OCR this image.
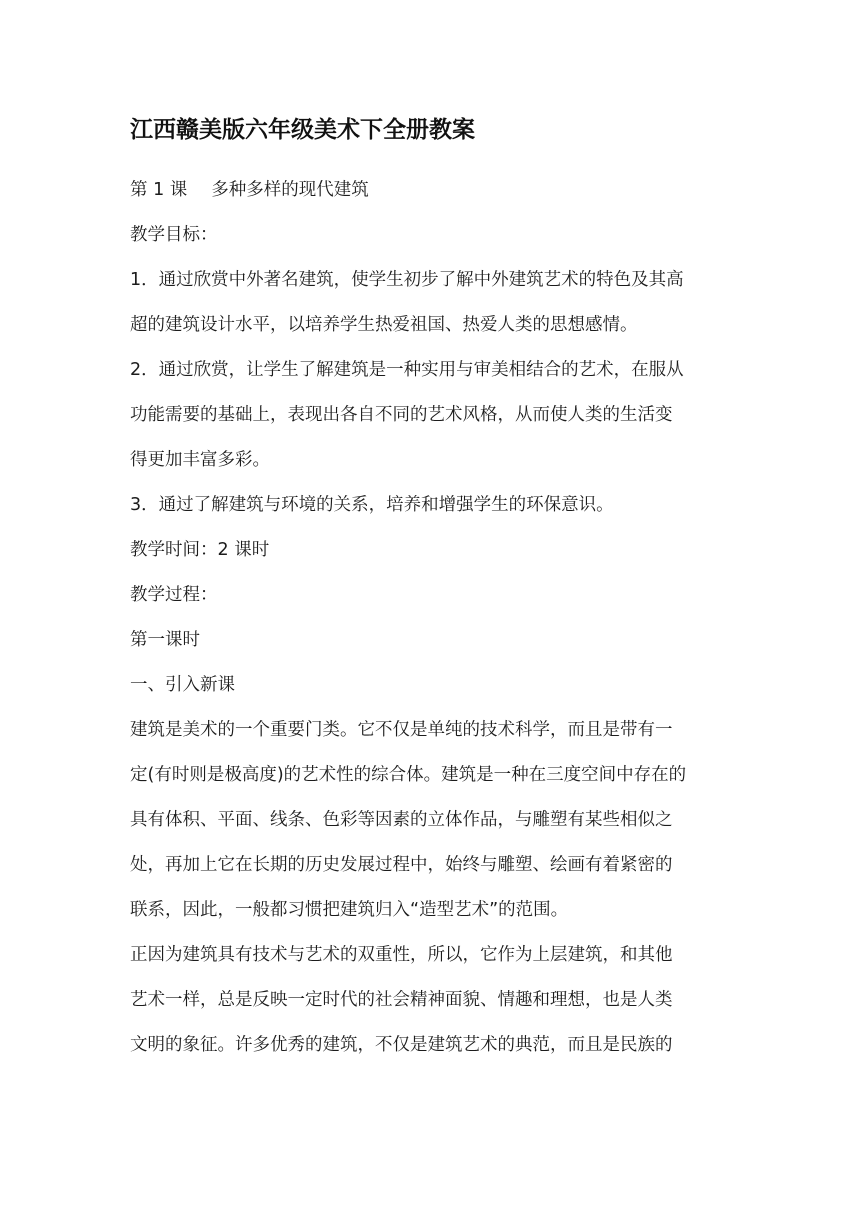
江西赣美版六年级美术下全册教案
第 1 课 多种多样的现代建筑
教学目标：
1．通过欣赏中外著名建筑，使学生初步了解中外建筑艺术的特色及其高
超的建筑设计水平，以培养学生热爱祖国、热爱人类的思想感情。
2．通过欣赏，让学生了解建筑是一种实用与审美相结合的艺术，在服从
功能需要的基础上，表现出各自不同的艺术风格，从而使人类的生活变
得更加丰富多彩。
3．通过了解建筑与环境的关系，培养和增强学生的环保意识。
教学时间：2 课时
教学过程：
第一课时
一、引入新课
建筑是美术的一个重要门类。它不仅是单纯的技术科学，而且是带有一
定(有时则是极高度)的艺术性的综合体。建筑是一种在三度空间中存在的
具有体积、平面、线条、色彩等因素的立体作品，与雕塑有某些相似之
处，再加上它在长期的历史发展过程中，始终与雕塑、绘画有着紧密的
联系，因此，一般都习惯把建筑归入“造型艺术”的范围。
正因为建筑具有技术与艺术的双重性，所以，它作为上层建筑，和其他
艺术一样，总是反映一定时代的社会精神面貌、情趣和理想，也是人类
文明的象征。许多优秀的建筑，不仅是建筑艺术的典范，而且是民族的
